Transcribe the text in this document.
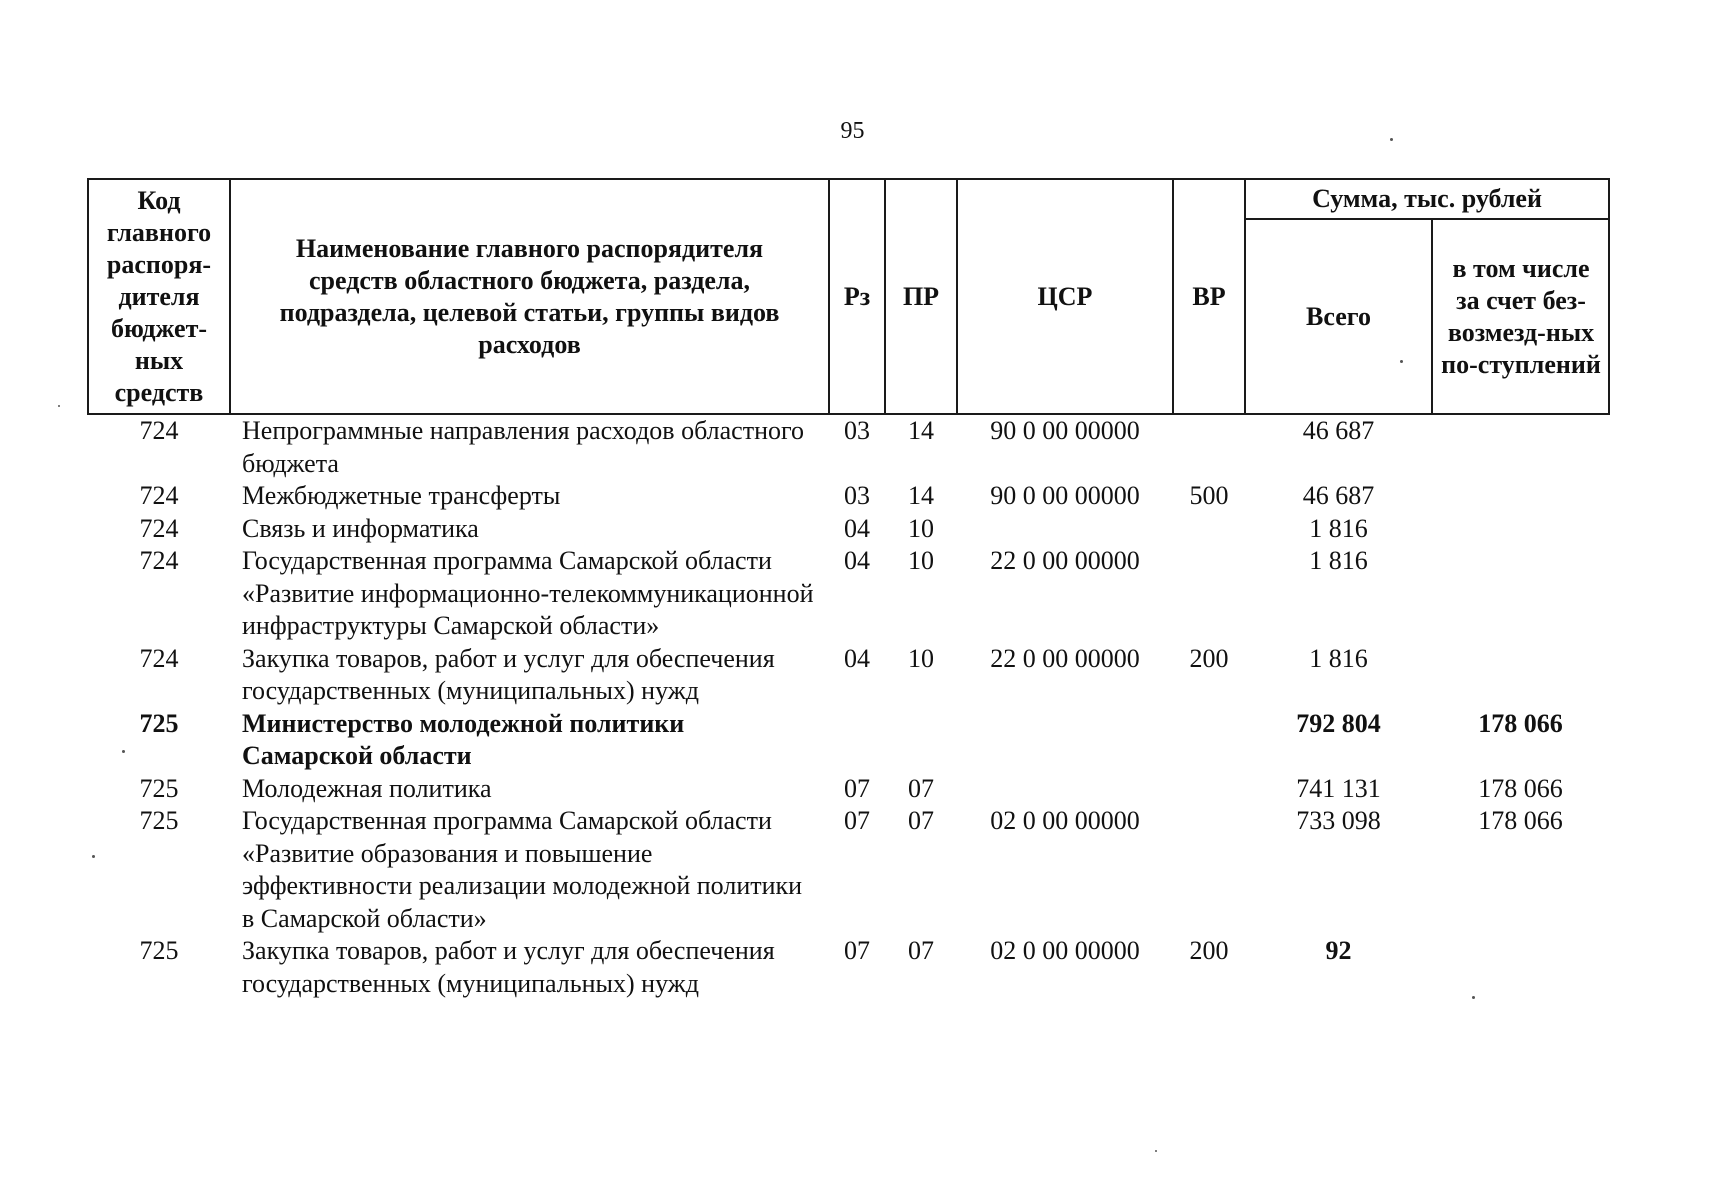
95
Код главного распоря-дителя бюджет-ных средств	Наименование главного распорядителя средств областного бюджета, раздела, подраздела, целевой статьи, группы видов расходов	Рз	ПР	ЦСР	ВР	Сумма, тыс. рублей	
						Всего	в том числе за счет без-возмезд-ных по-ступлений

724	Непрограммные направления расходов областного бюджета	03	14	90 0 00 00000		46 687	
724	Межбюджетные трансферты	03	14	90 0 00 00000	500	46 687	
724	Связь и информатика	04	10			1 816	
724	Государственная программа Самарской области «Развитие информационно-телекоммуникационной инфраструктуры Самарской области»	04	10	22 0 00 00000		1 816	
724	Закупка товаров, работ и услуг для обеспечения государственных (муниципальных) нужд	04	10	22 0 00 00000	200	1 816	
725	Министерство молодежной политики Самарской области					792 804	178 066
725	Молодежная политика	07	07			741 131	178 066
725	Государственная программа Самарской области «Развитие образования и повышение эффективности реализации молодежной политики в Самарской области»	07	07	02 0 00 00000		733 098	178 066
725	Закупка товаров, работ и услуг для обеспечения государственных (муниципальных) нужд	07	07	02 0 00 00000	200	92	
